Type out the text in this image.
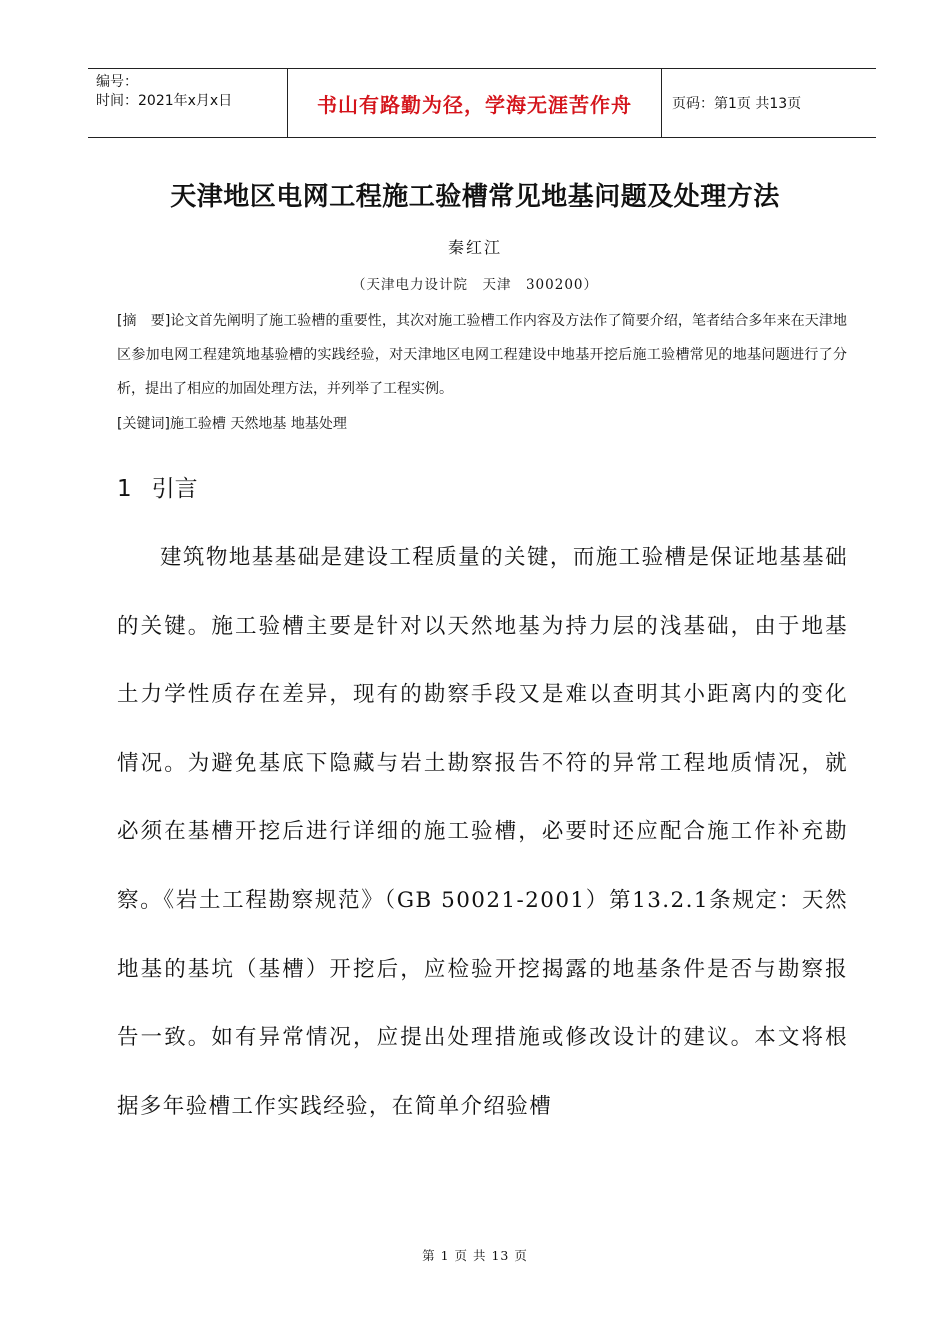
编号：
时间：2021年x月x日	书山有路勤为径，学海无涯苦作舟	页码：第1页 共13页
天津地区电网工程施工验槽常见地基问题及处理方法
秦红江
（天津电力设计院　天津　300200）
[摘　要]论文首先阐明了施工验槽的重要性，其次对施工验槽工作内容及方法作了简要介绍，笔者结合多年来在天津地区参加电网工程建筑地基验槽的实践经验，对天津地区电网工程建设中地基开挖后施工验槽常见的地基问题进行了分析，提出了相应的加固处理方法，并列举了工程实例。
[关键词]施工验槽 天然地基 地基处理
1 引言
建筑物地基基础是建设工程质量的关键，而施工验槽是保证地基基础的关键。施工验槽主要是针对以天然地基为持力层的浅基础，由于地基土力学性质存在差异，现有的勘察手段又是难以查明其小距离内的变化情况。为避免基底下隐藏与岩土勘察报告不符的异常工程地质情况，就必须在基槽开挖后进行详细的施工验槽，必要时还应配合施工作补充勘察。《岩土工程勘察规范》（GB 50021-2001）第13.2.1条规定：天然地基的基坑（基槽）开挖后，应检验开挖揭露的地基条件是否与勘察报告一致。如有异常情况，应提出处理措施或修改设计的建议。本文将根据多年验槽工作实践经验，在简单介绍验槽
第 1 页 共 13 页
